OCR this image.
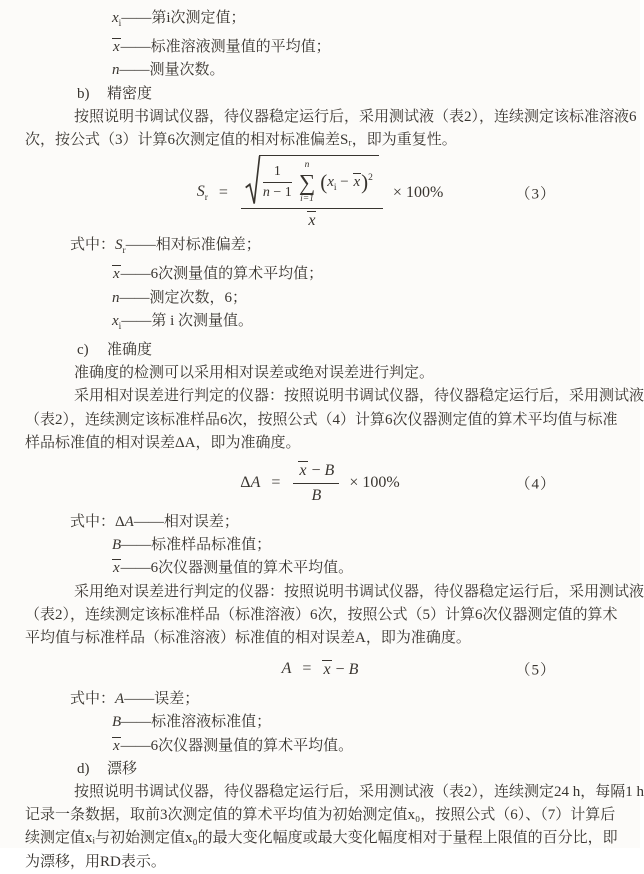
$x_i——$第i次测定值；
x——标准溶液测量值的平均值；
n——测量次数。
b) 精密度
按照说明书调试仪器，待仪器稳定运行后，采用测试液（表2），连续测定该标准溶液6
次，按公式（3）计算6次测定值的相对标准偏差Sᵣ，即为重复性。
$S_r$ =	$\frac{1}{n - 1}$ n
∑
i=1
$(x_i - x)^2$
x
× 100%	（3）
式中：$S_r——$相对标准偏差；
x——6次测量值的算术平均值；
n——测定次数，6；
$x_i——$第 i 次测量值。
c) 准确度
准确度的检测可以采用相对误差或绝对误差进行判定。
采用相对误差进行判定的仪器：按照说明书调试仪器，待仪器稳定运行后，采用测试液
（表2），连续测定该标准样品6次，按照公式（4）计算6次仪器测定值的算术平均值与标准
样品标准值的相对误差ΔA，即为准确度。
$\Delta A = \frac{x - B}{B} \times 100\%$	（4）
式中：ΔA——相对误差；
B——标准样品标准值；
x——6次仪器测量值的算术平均值。
采用绝对误差进行判定的仪器：按照说明书调试仪器，待仪器稳定运行后，采用测试液
（表2），连续测定该标准样品（标准溶液）6次，按照公式（5）计算6次仪器测定值的算术
平均值与标准样品（标准溶液）标准值的相对误差A，即为准确度。
A = x − B	（5）
式中：A——误差；
B——标准溶液标准值；
x——6次仪器测量值的算术平均值。
d) 漂移
按照说明书调试仪器，待仪器稳定运行后，采用测试液（表2），连续测定24 h，每隔1 h
记录一条数据，取前3次测定值的算术平均值为初始测定值x₀，按照公式（6）、（7）计算后
续测定值xᵢ与初始测定值x₀的最大变化幅度或最大变化幅度相对于量程上限值的百分比，即
为漂移，用RD表示。
